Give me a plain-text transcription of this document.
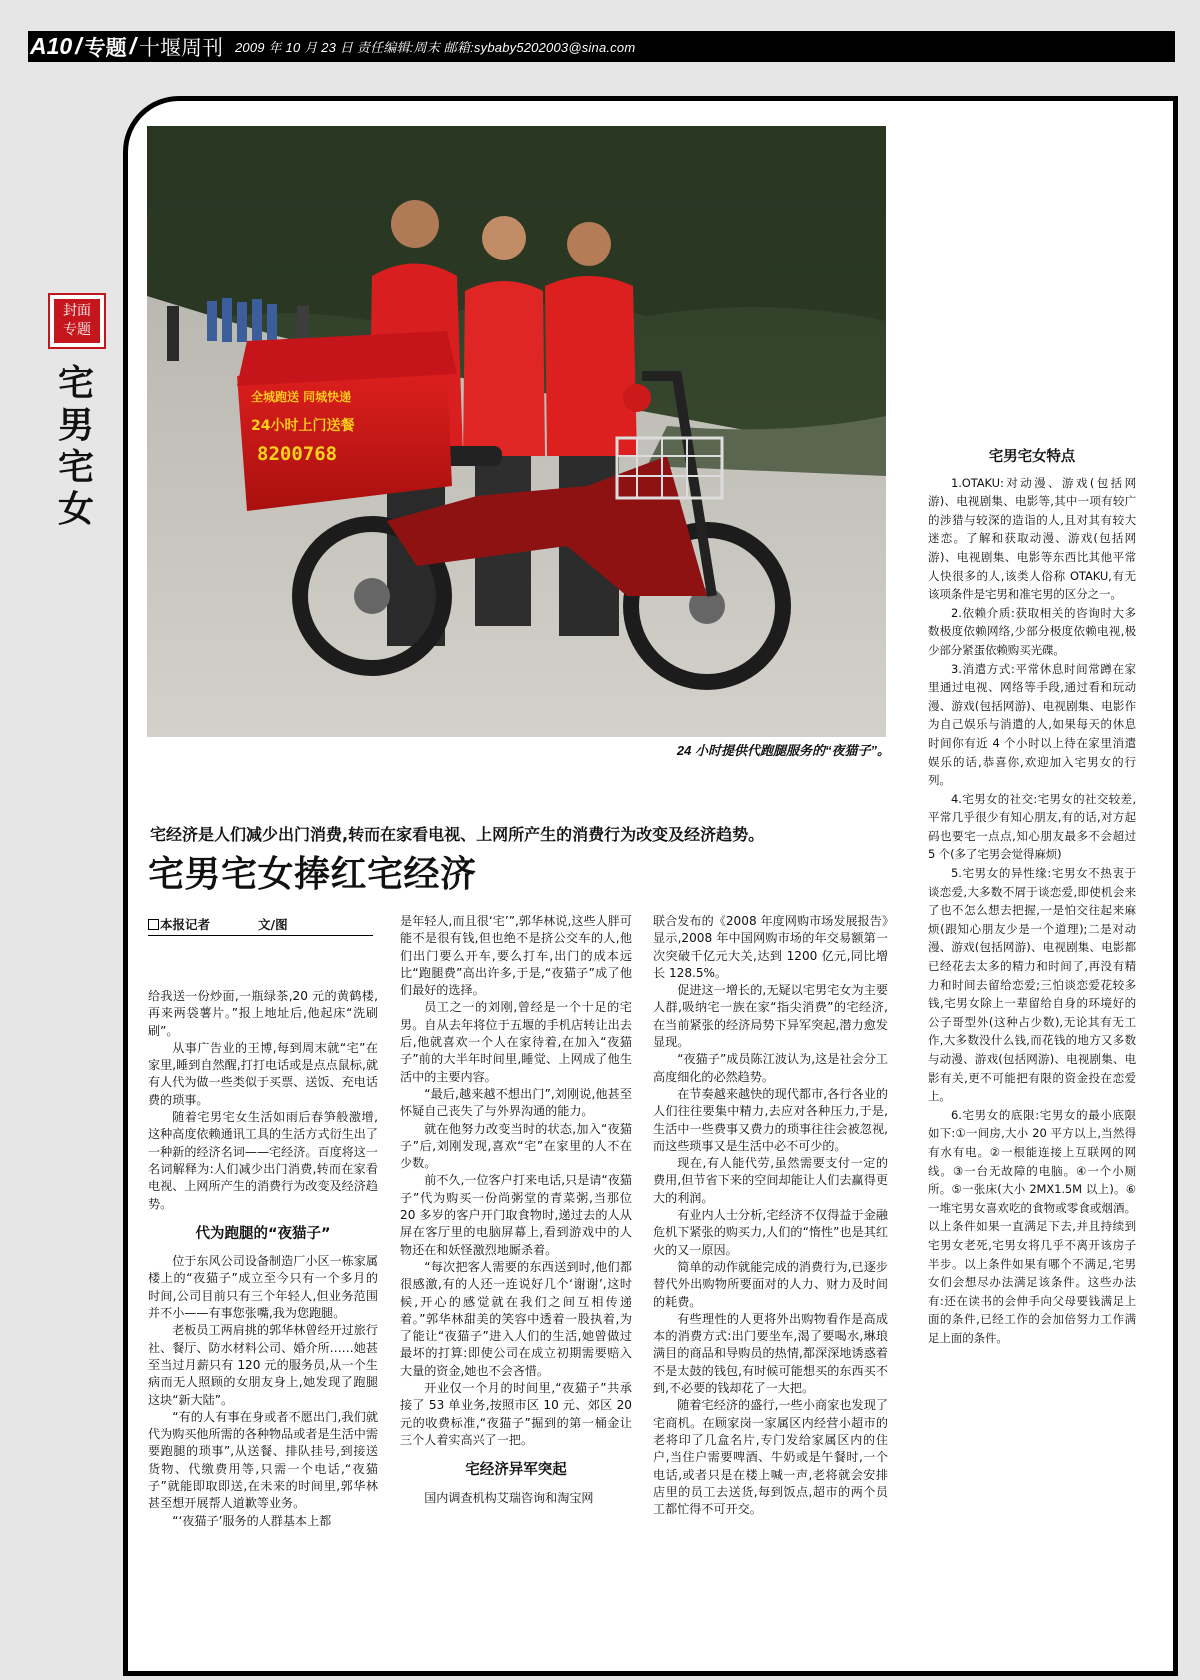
A10 / 专题 / 十堰周刊 2009 年 10 月 23 日 责任编辑:周末 邮箱:sybaby5202003@sina.com
封面
专题
宅
男
宅
女
全城跑送 同城快递
24小时上门送餐
8200768
24 小时提供代跑腿服务的“夜猫子”。
宅经济是人们减少出门消费,转而在家看电视、上网所产生的消费行为改变及经济趋势。
宅男宅女捧红宅经济
本报记者	文/图

给我送一份炒面,一瓶绿茶,20 元的黄鹤楼,再来两袋薯片。”报上地址后,他起床“洗刷刷”。

从事广告业的王博,每到周末就“宅”在家里,睡到自然醒,打打电话或是点点鼠标,就有人代为做一些类似于买票、送饭、充电话费的琐事。

随着宅男宅女生活如雨后春笋般激增,这种高度依赖通讯工具的生活方式衍生出了一种新的经济名词——宅经济。百度将这一名词解释为:人们减少出门消费,转而在家看电视、上网所产生的消费行为改变及经济趋势。

代为跑腿的“夜猫子”

位于东风公司设备制造厂小区一栋家属楼上的“夜猫子”成立至今只有一个多月的时间,公司目前只有三个年轻人,但业务范围并不小——有事您张嘴,我为您跑腿。

老板员工两肩挑的郭华林曾经开过旅行社、餐厅、防水材料公司、婚介所……她甚至当过月薪只有 120 元的服务员,从一个生病而无人照顾的女朋友身上,她发现了跑腿这块“新大陆”。

“有的人有事在身或者不愿出门,我们就代为购买他所需的各种物品或者是生活中需要跑腿的琐事”,从送餐、排队挂号,到接送货物、代缴费用等,只需一个电话,“夜猫子”就能即取即送,在未来的时间里,郭华林甚至想开展帮人道歉等业务。

“‘夜猫子’服务的人群基本上都

是年轻人,而且很‘宅’”,郭华林说,这些人胖可能不是很有钱,但也绝不是挤公交车的人,他们出门要么开车,要么打车,出门的成本远比“跑腿费”高出许多,于是,“夜猫子”成了他们最好的选择。

员工之一的刘刚,曾经是一个十足的宅男。自从去年将位于五堰的手机店转让出去后,他就喜欢一个人在家待着,在加入“夜猫子”前的大半年时间里,睡觉、上网成了他生活中的主要内容。

“最后,越来越不想出门”,刘刚说,他甚至怀疑自己丧失了与外界沟通的能力。

就在他努力改变当时的状态,加入“夜猫子”后,刘刚发现,喜欢“宅”在家里的人不在少数。

前不久,一位客户打来电话,只是请“夜猫子”代为购买一份尚粥堂的青菜粥,当那位 20 多岁的客户开门取食物时,递过去的人从屏在客厅里的电脑屏幕上,看到游戏中的人物还在和妖怪激烈地厮杀着。

“每次把客人需要的东西送到时,他们都很感激,有的人还一连说好几个‘谢谢’,这时候,开心的感觉就在我们之间互相传递着。”郭华林甜美的笑容中透着一股执着,为了能让“夜猫子”进入人们的生活,她曾做过最坏的打算:即使公司在成立初期需要赔入大量的资金,她也不会吝惜。

开业仅一个月的时间里,“夜猫子”共承接了 53 单业务,按照市区 10 元、郊区 20 元的收费标准,“夜猫子”掘到的第一桶金让三个人着实高兴了一把。

宅经济异军突起

国内调查机构艾瑞咨询和淘宝网

联合发布的《2008 年度网购市场发展报告》显示,2008 年中国网购市场的年交易额第一次突破千亿元大关,达到 1200 亿元,同比增长 128.5%。

促进这一增长的,无疑以宅男宅女为主要人群,吸纳宅一族在家“指尖消费”的宅经济,在当前紧张的经济局势下异军突起,潜力愈发显现。

“夜猫子”成员陈江波认为,这是社会分工高度细化的必然趋势。

在节奏越来越快的现代都市,各行各业的人们往往要集中精力,去应对各种压力,于是,生活中一些费事又费力的琐事往往会被忽视,而这些琐事又是生活中必不可少的。

现在,有人能代劳,虽然需要支付一定的费用,但节省下来的空间却能让人们去赢得更大的利润。

有业内人士分析,宅经济不仅得益于金融危机下紧张的购买力,人们的“惰性”也是其红火的又一原因。

简单的动作就能完成的消费行为,已逐步替代外出购物所要面对的人力、财力及时间的耗费。

有些理性的人更将外出购物看作是高成本的消费方式:出门要坐车,渴了要喝水,琳琅满目的商品和导购员的热情,都深深地诱惑着不是太鼓的钱包,有时候可能想买的东西买不到,不必要的钱却花了一大把。

随着宅经济的盛行,一些小商家也发现了宅商机。在顾家岗一家属区内经营小超市的老将印了几盒名片,专门发给家属区内的住户,当住户需要啤酒、牛奶或是午餐时,一个电话,或者只是在楼上喊一声,老将就会安排店里的员工去送货,每到饭点,超市的两个员工都忙得不可开交。

宅男宅女特点

1.OTAKU:对动漫、游戏(包括网游)、电视剧集、电影等,其中一项有较广的涉猎与较深的造诣的人,且对其有较大迷恋。了解和获取动漫、游戏(包括网游)、电视剧集、电影等东西比其他平常人快很多的人,该类人俗称 OTAKU,有无该项条件是宅男和准宅男的区分之一。

2.依赖介质:获取相关的咨询时大多数极度依赖网络,少部分极度依赖电视,极少部分紧蛋依赖购买光碟。

3.消遣方式:平常休息时间常蹲在家里通过电视、网络等手段,通过看和玩动漫、游戏(包括网游)、电视剧集、电影作为自己娱乐与消遣的人,如果每天的休息时间你有近 4 个小时以上待在家里消遣娱乐的话,恭喜你,欢迎加入宅男女的行列。

4.宅男女的社交:宅男女的社交较差,平常几乎很少有知心朋友,有的话,对方起码也要宅一点点,知心朋友最多不会超过 5 个(多了宅男会觉得麻烦)

5.宅男女的异性缘:宅男女不热衷于谈恋爱,大多数不屑于谈恋爱,即使机会来了也不怎么想去把握,一是怕交往起来麻烦(跟知心朋友少是一个道理);二是对动漫、游戏(包括网游)、电视剧集、电影都已经花去太多的精力和时间了,再没有精力和时间去留给恋爱;三怕谈恋爱花较多钱,宅男女除上一辈留给自身的环境好的公子哥型外(这种占少数),无论其有无工作,大多数没什么钱,而花钱的地方又多数与动漫、游戏(包括网游)、电视剧集、电影有关,更不可能把有限的资金投在恋爱上。

6.宅男女的底限:宅男女的最小底限如下:①一间房,大小 20 平方以上,当然得有水有电。②一根能连接上互联网的网线。③一台无故障的电脑。④一个小厕所。⑤一张床(大小 2MX1.5M 以上)。⑥一堆宅男女喜欢吃的食物或零食或烟酒。以上条件如果一直满足下去,并且持续到宅男女老死,宅男女将几乎不离开该房子半步。以上条件如果有哪个不满足,宅男女们会想尽办法满足该条件。这些办法有:还在读书的会伸手向父母要钱满足上面的条件,已经工作的会加倍努力工作满足上面的条件。
